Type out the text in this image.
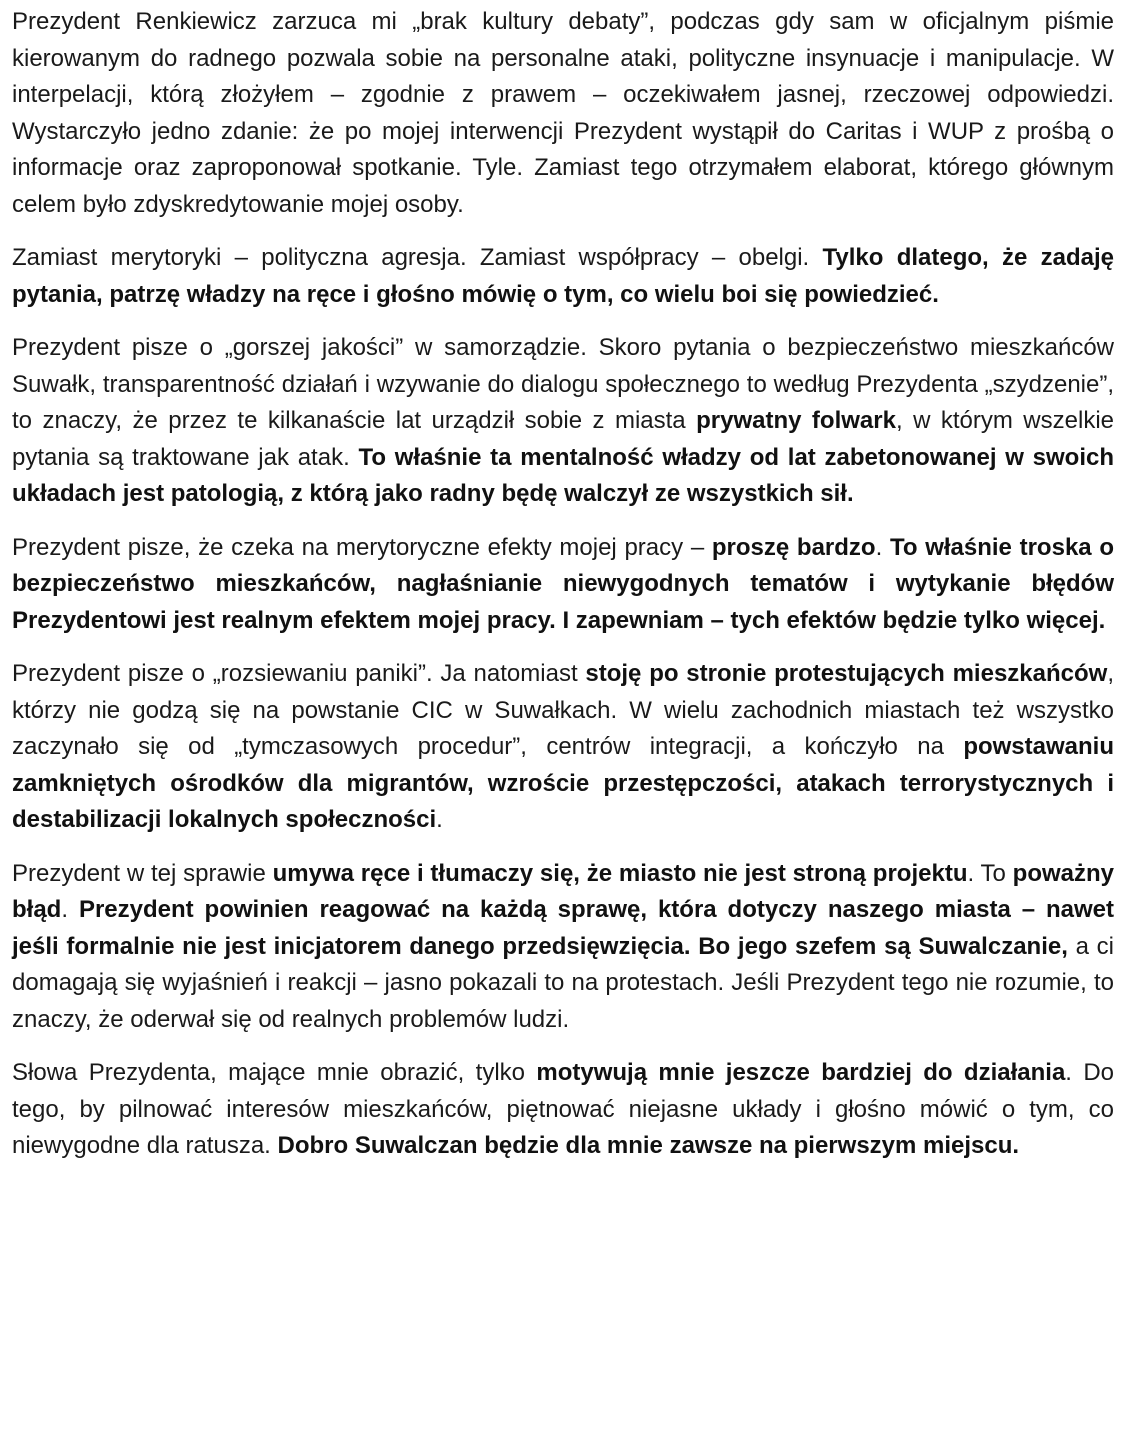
Prezydent Renkiewicz zarzuca mi „brak kultury debaty”, podczas gdy sam w oficjalnym piśmie kierowanym do radnego pozwala sobie na personalne ataki, polityczne insynuacje i manipulacje. W interpelacji, którą złożyłem – zgodnie z prawem – oczekiwałem jasnej, rzeczowej odpowiedzi. Wystarczyło jedno zdanie: że po mojej interwencji Prezydent wystąpił do Caritas i WUP z prośbą o informacje oraz zaproponował spotkanie. Tyle. Zamiast tego otrzymałem elaborat, którego głównym celem było zdyskredytowanie mojej osoby.

Zamiast merytoryki – polityczna agresja. Zamiast współpracy – obelgi. Tylko dlatego, że zadaję pytania, patrzę władzy na ręce i głośno mówię o tym, co wielu boi się powiedzieć.

Prezydent pisze o „gorszej jakości” w samorządzie. Skoro pytania o bezpieczeństwo mieszkańców Suwałk, transparentność działań i wzywanie do dialogu społecznego to według Prezydenta „szydzenie”, to znaczy, że przez te kilkanaście lat urządził sobie z miasta prywatny folwark, w którym wszelkie pytania są traktowane jak atak. To właśnie ta mentalność władzy od lat zabetonowanej w swoich układach jest patologią, z którą jako radny będę walczył ze wszystkich sił.

Prezydent pisze, że czeka na merytoryczne efekty mojej pracy – proszę bardzo. To właśnie troska o bezpieczeństwo mieszkańców, nagłaśnianie niewygodnych tematów i wytykanie błędów Prezydentowi jest realnym efektem mojej pracy. I zapewniam – tych efektów będzie tylko więcej.

Prezydent pisze o „rozsiewaniu paniki”. Ja natomiast stoję po stronie protestujących mieszkańców, którzy nie godzą się na powstanie CIC w Suwałkach. W wielu zachodnich miastach też wszystko zaczynało się od „tymczasowych procedur”, centrów integracji, a kończyło na powstawaniu zamkniętych ośrodków dla migrantów, wzroście przestępczości, atakach terrorystycznych i destabilizacji lokalnych społeczności.

Prezydent w tej sprawie umywa ręce i tłumaczy się, że miasto nie jest stroną projektu. To poważny błąd. Prezydent powinien reagować na każdą sprawę, która dotyczy naszego miasta – nawet jeśli formalnie nie jest inicjatorem danego przedsięwzięcia. Bo jego szefem są Suwalczanie, a ci domagają się wyjaśnień i reakcji – jasno pokazali to na protestach. Jeśli Prezydent tego nie rozumie, to znaczy, że oderwał się od realnych problemów ludzi.

Słowa Prezydenta, mające mnie obrazić, tylko motywują mnie jeszcze bardziej do działania. Do tego, by pilnować interesów mieszkańców, piętnować niejasne układy i głośno mówić o tym, co niewygodne dla ratusza. Dobro Suwalczan będzie dla mnie zawsze na pierwszym miejscu.
